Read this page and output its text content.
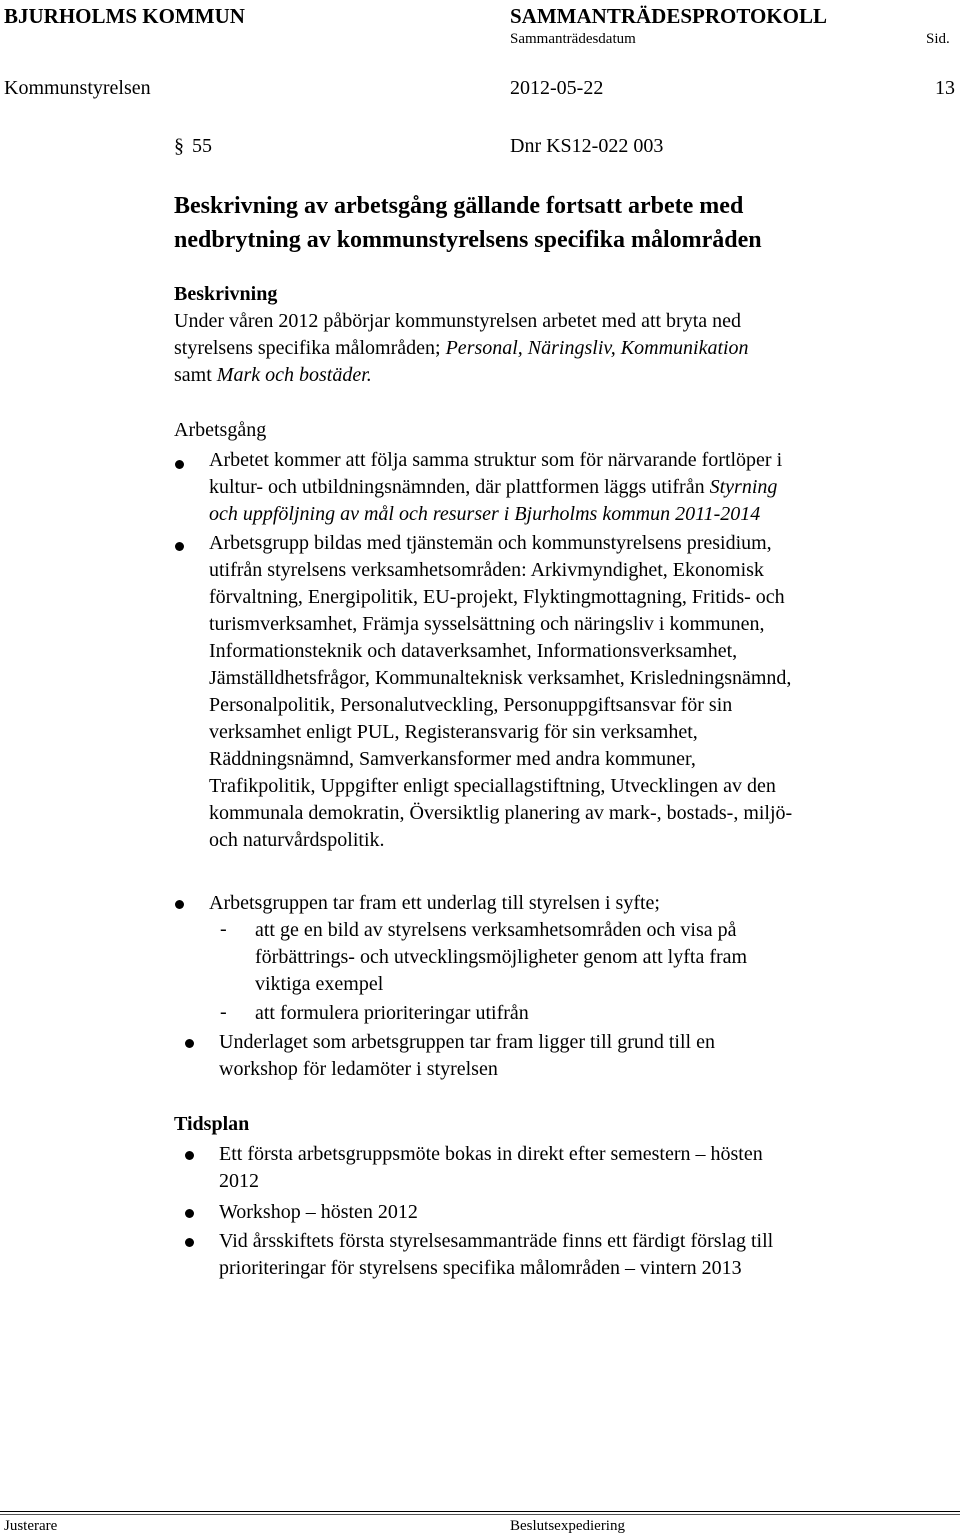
BJURHOLMS KOMMUN	SAMMANTRÄDESPROTOKOLL
Sammanträdesdatum	Sid.
Kommunstyrelsen	2012-05-22	13
§ 55	Dnr KS12-022 003
Beskrivning av arbetsgång gällande fortsatt arbete med
nedbrytning av kommunstyrelsens specifika målområden
Beskrivning
Under våren 2012 påbörjar kommunstyrelsen arbetet med att bryta ned
styrelsens specifika målområden; Personal, Näringsliv, Kommunikation
samt Mark och bostäder.
Arbetsgång
Arbetet kommer att följa samma struktur som för närvarande fortlöper i
kultur- och utbildningsnämnden, där plattformen läggs utifrån Styrning
och uppföljning av mål och resurser i Bjurholms kommun 2011-2014
Arbetsgrupp bildas med tjänstemän och kommunstyrelsens presidium,
utifrån styrelsens verksamhetsområden: Arkivmyndighet, Ekonomisk
förvaltning, Energipolitik, EU-projekt, Flyktingmottagning, Fritids- och
turismverksamhet, Främja sysselsättning och näringsliv i kommunen,
Informationsteknik och dataverksamhet, Informationsverksamhet,
Jämställdhetsfrågor, Kommunalteknisk verksamhet, Krisledningsnämnd,
Personalpolitik, Personalutveckling, Personuppgiftsansvar för sin
verksamhet enligt PUL, Registeransvarig för sin verksamhet,
Räddningsnämnd, Samverkansformer med andra kommuner,
Trafikpolitik, Uppgifter enligt speciallagstiftning, Utvecklingen av den
kommunala demokratin, Översiktlig planering av mark-, bostads-, miljö-
och naturvårdspolitik.
Arbetsgruppen tar fram ett underlag till styrelsen i syfte;
- att ge en bild av styrelsens verksamhetsområden och visa på
förbättrings- och utvecklingsmöjligheter genom att lyfta fram
viktiga exempel
- att formulera prioriteringar utifrån
Underlaget som arbetsgruppen tar fram ligger till grund till en
workshop för ledamöter i styrelsen
Tidsplan
Ett första arbetsgruppsmöte bokas in direkt efter semestern – hösten
2012
Workshop – hösten 2012
Vid årsskiftets första styrelsesammanträde finns ett färdigt förslag till
prioriteringar för styrelsens specifika målområden – vintern 2013
Justerare	Beslutsexpediering
